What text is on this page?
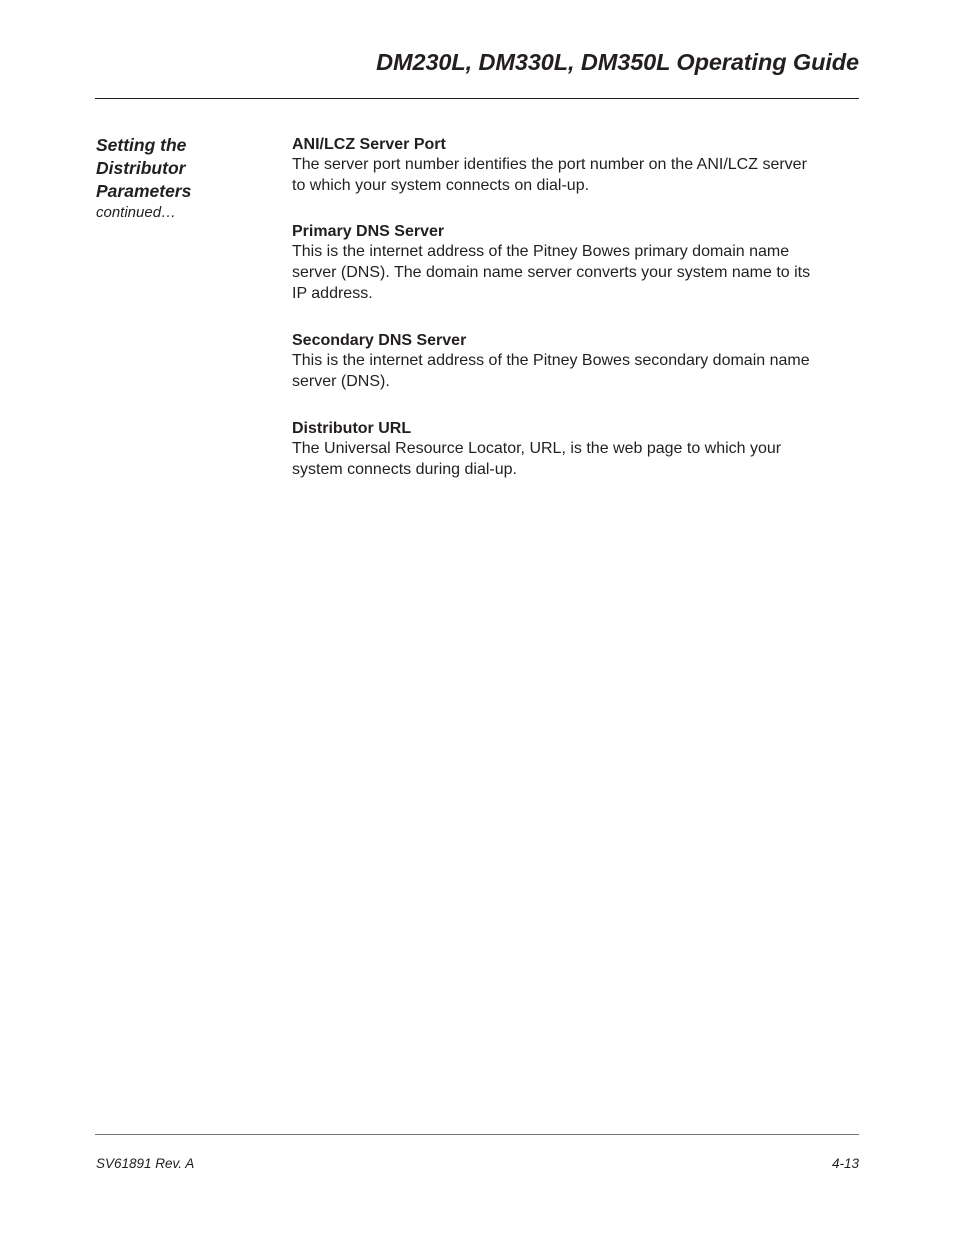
DM230L, DM330L, DM350L Operating Guide
Setting the
Distributor
Parameters
continued…
ANI/LCZ Server Port
The server port number identifies the port number on the ANI/LCZ server
to which your system connects on dial-up.
Primary DNS Server
This is the internet address of the Pitney Bowes primary domain name
server (DNS). The domain name server converts your system name to its
IP address.
Secondary DNS Server
This is the internet address of the Pitney Bowes secondary domain name
server (DNS).
Distributor URL
The Universal Resource Locator, URL, is the web page to which your
system connects during dial-up.
SV61891 Rev. A	4-13
